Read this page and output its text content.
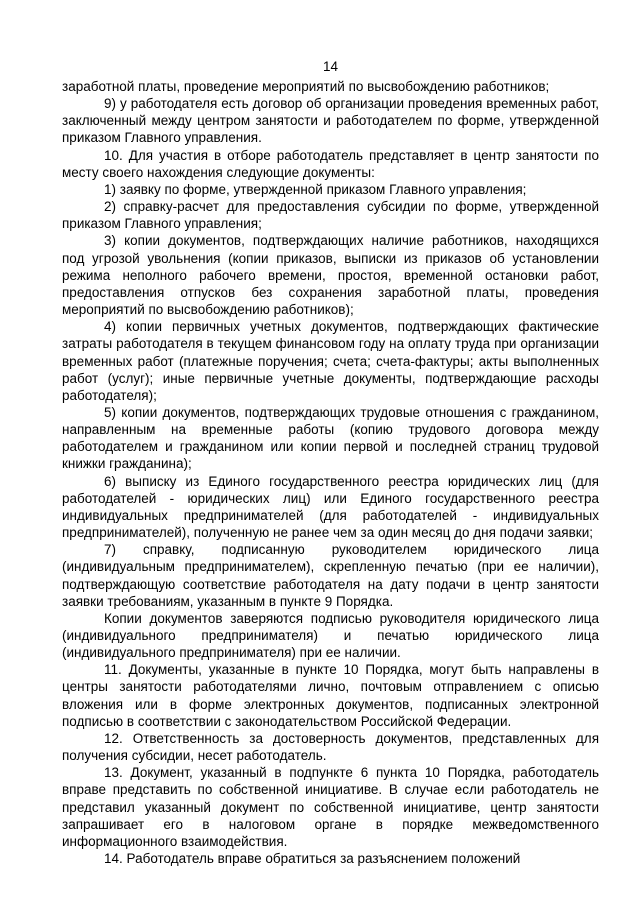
14

заработной платы, проведение мероприятий по высвобождению работников;

9) у работодателя есть договор об организации проведения временных работ, заключенный между центром занятости и работодателем по форме, утвержденной приказом Главного управления.

10. Для участия в отборе работодатель представляет в центр занятости по месту своего нахождения следующие документы:

1) заявку по форме, утвержденной приказом Главного управления;

2) справку-расчет для предоставления субсидии по форме, утвержденной приказом Главного управления;

3) копии документов, подтверждающих наличие работников, находящихся под угрозой увольнения (копии приказов, выписки из приказов об установлении режима неполного рабочего времени, простоя, временной остановки работ, предоставления отпусков без сохранения заработной платы, проведения мероприятий по высвобождению работников);

4) копии первичных учетных документов, подтверждающих фактические затраты работодателя в текущем финансовом году на оплату труда при организации временных работ (платежные поручения; счета; счета-фактуры; акты выполненных работ (услуг); иные первичные учетные документы, подтверждающие расходы работодателя);

5) копии документов, подтверждающих трудовые отношения с гражданином, направленным на временные работы (копию трудового договора между работодателем и гражданином или копии первой и последней страниц трудовой книжки гражданина);

6) выписку из Единого государственного реестра юридических лиц (для работодателей - юридических лиц) или Единого государственного реестра индивидуальных предпринимателей (для работодателей - индивидуальных предпринимателей), полученную не ранее чем за один месяц до дня подачи заявки;

7) справку, подписанную руководителем юридического лица (индивидуальным предпринимателем), скрепленную печатью (при ее наличии), подтверждающую соответствие работодателя на дату подачи в центр занятости заявки требованиям, указанным в пункте 9 Порядка.

Копии документов заверяются подписью руководителя юридического лица (индивидуального предпринимателя) и печатью юридического лица (индивидуального предпринимателя) при ее наличии.

11. Документы, указанные в пункте 10 Порядка, могут быть направлены в центры занятости работодателями лично, почтовым отправлением с описью вложения или в форме электронных документов, подписанных электронной подписью в соответствии с законодательством Российской Федерации.

12. Ответственность за достоверность документов, представленных для получения субсидии, несет работодатель.

13. Документ, указанный в подпункте 6 пункта 10 Порядка, работодатель вправе представить по собственной инициативе. В случае если работодатель не представил указанный документ по собственной инициативе, центр занятости запрашивает его в налоговом органе в порядке межведомственного информационного взаимодействия.

14. Работодатель вправе обратиться за разъяснением положений
